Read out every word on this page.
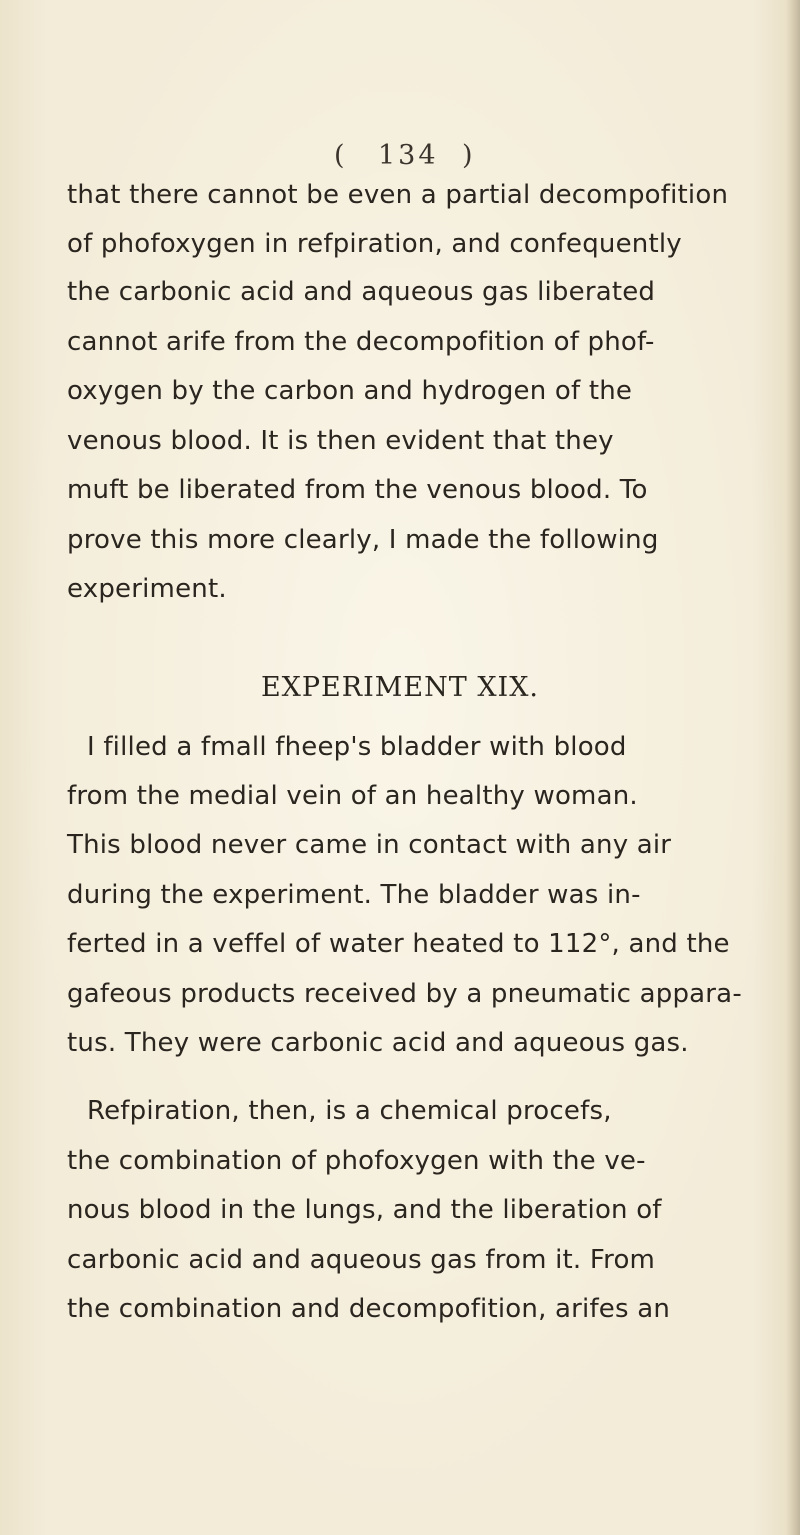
( 134 )
that there cannot be even a partial decompofition
of phofoxygen in refpiration, and confequently
the carbonic acid and aqueous gas liberated
cannot arife from the decompofition of phof-
oxygen by the carbon and hydrogen of the
venous blood. It is then evident that they
muft be liberated from the venous blood. To
prove this more clearly, I made the following
experiment.
EXPERIMENT XIX.
I filled a fmall fheep's bladder with blood
from the medial vein of an healthy woman.
This blood never came in contact with any air
during the experiment. The bladder was in-
ferted in a veffel of water heated to 112°, and the
gafeous products received by a pneumatic appara-
tus. They were carbonic acid and aqueous gas.
Refpiration, then, is a chemical procefs,
the combination of phofoxygen with the ve-
nous blood in the lungs, and the liberation of
carbonic acid and aqueous gas from it. From
the combination and decompofition, arifes an
